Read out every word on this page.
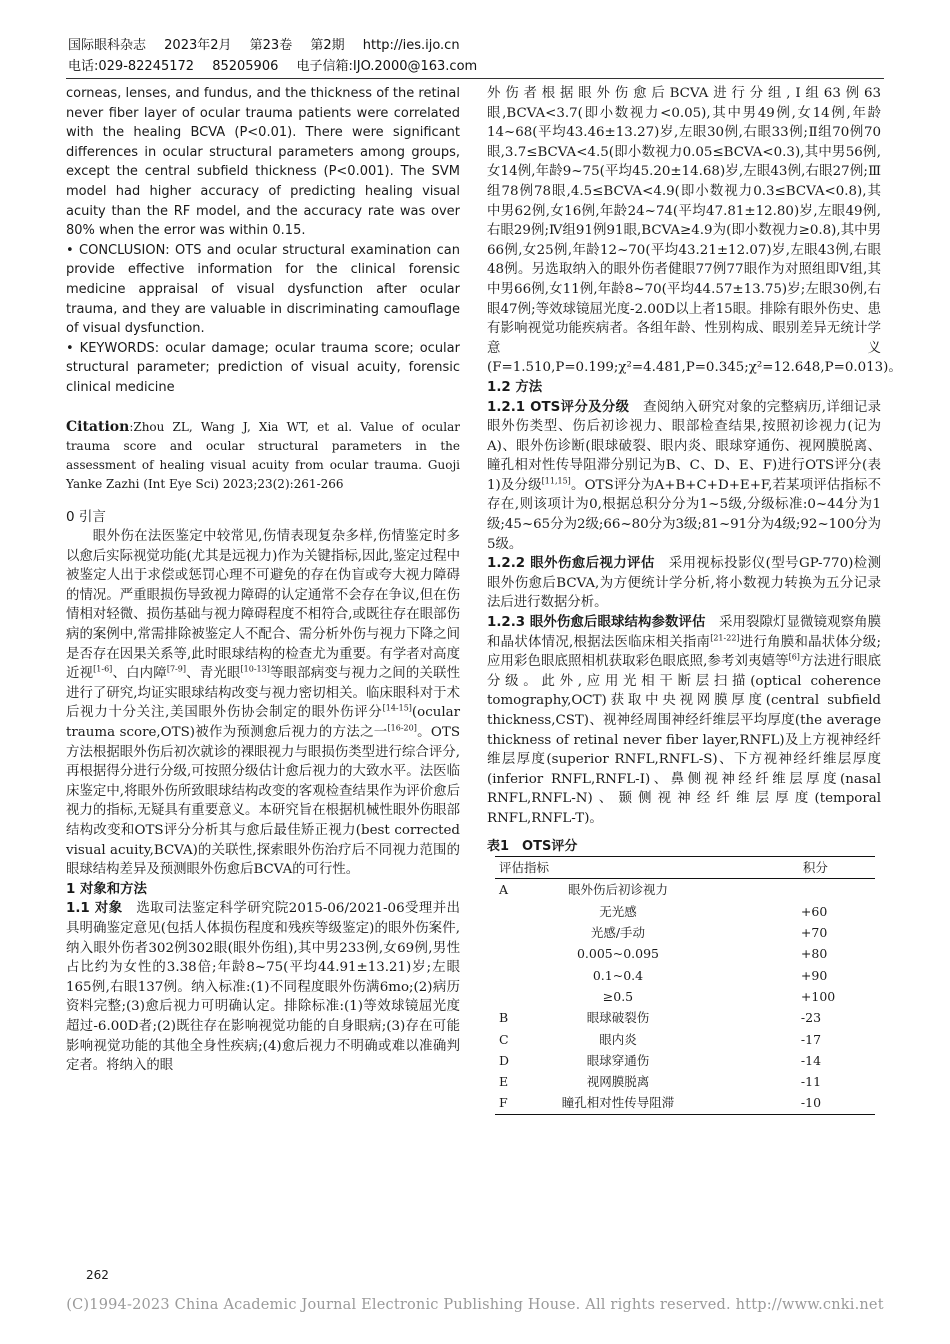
国际眼科杂志 2023年2月 第23卷 第2期 http://ies.ijo.cn
电话:029-82245172 85205906 电子信箱:IJO.2000@163.com

corneas, lenses, and fundus, and the thickness of the retinal never fiber layer of ocular trauma patients were correlated with the healing BCVA (P<0.01). There were significant differences in ocular structural parameters among groups, except the central subfield thickness (P<0.001). The SVM model had higher accuracy of predicting healing visual acuity than the RF model, and the accuracy rate was over 80% when the error was within 0.15.

• CONCLUSION: OTS and ocular structural examination can provide effective information for the clinical forensic medicine appraisal of visual dysfunction after ocular trauma, and they are valuable in discriminating camouflage of visual dysfunction.

• KEYWORDS: ocular damage; ocular trauma score; ocular structural parameter; prediction of visual acuity, forensic clinical medicine

Citation:Zhou ZL, Wang J, Xia WT, et al. Value of ocular trauma score and ocular structural parameters in the assessment of healing visual acuity from ocular trauma. Guoji Yanke Zazhi (Int Eye Sci) 2023;23(2):261-266

0 引言

眼外伤在法医鉴定中较常见,伤情表现复杂多样,伤情鉴定时多以愈后实际视觉功能(尤其是远视力)作为关键指标,因此,鉴定过程中被鉴定人出于求偿或惩罚心理不可避免的存在伪盲或夸大视力障碍的情况。严重眼损伤导致视力障碍的认定通常不会存在争议,但在伤情相对轻微、损伤基础与视力障碍程度不相符合,或既往存在眼部伤病的案例中,常需排除被鉴定人不配合、需分析外伤与视力下降之间是否存在因果关系等,此时眼球结构的检查尤为重要。有学者对高度近视[1-6]、白内障[7-9]、青光眼[10-13]等眼部病变与视力之间的关联性进行了研究,均证实眼球结构改变与视力密切相关。临床眼科对于术后视力十分关注,美国眼外伤协会制定的眼外伤评分[14-15](ocular trauma score,OTS)被作为预测愈后视力的方法之一[16-20]。OTS方法根据眼外伤后初次就诊的裸眼视力与眼损伤类型进行综合评分,再根据得分进行分级,可按照分级估计愈后视力的大致水平。法医临床鉴定中,将眼外伤所致眼球结构改变的客观检查结果作为评价愈后视力的指标,无疑具有重要意义。本研究旨在根据机械性眼外伤眼部结构改变和OTS评分分析其与愈后最佳矫正视力(best corrected visual acuity,BCVA)的关联性,探索眼外伤治疗后不同视力范围的眼球结构差异及预测眼外伤愈后BCVA的可行性。

1 对象和方法

1.1 对象　 选取司法鉴定科学研究院2015-06/2021-06受理并出具明确鉴定意见(包括人体损伤程度和残疾等级鉴定)的眼外伤案件,纳入眼外伤者302例302眼(眼外伤组),其中男233例,女69例,男性占比约为女性的3.38倍;年龄8~75(平均44.91±13.21)岁;左眼165例,右眼137例。纳入标准:(1)不同程度眼外伤满6mo;(2)病历资料完整;(3)愈后视力可明确认定。排除标准:(1)等效球镜屈光度超过-6.00D者;(2)既往存在影响视觉功能的自身眼病;(3)存在可能影响视觉功能的其他全身性疾病;(4)愈后视力不明确或难以准确判定者。将纳入的眼

外伤者根据眼外伤愈后BCVA进行分组,Ⅰ组63例63眼,BCVA<3.7(即小数视力<0.05),其中男49例,女14例,年龄14~68(平均43.46±13.27)岁,左眼30例,右眼33例;Ⅱ组70例70眼,3.7≤BCVA<4.5(即小数视力0.05≤BCVA<0.3),其中男56例,女14例,年龄9~75(平均45.20±14.68)岁,左眼43例,右眼27例;Ⅲ组78例78眼,4.5≤BCVA<4.9(即小数视力0.3≤BCVA<0.8),其中男62例,女16例,年龄24~74(平均47.81±12.80)岁,左眼49例,右眼29例;Ⅳ组91例91眼,BCVA≥4.9为(即小数视力≥0.8),其中男66例,女25例,年龄12~70(平均43.21±12.07)岁,左眼43例,右眼48例。另选取纳入的眼外伤者健眼77例77眼作为对照组即Ⅴ组,其中男66例,女11例,年龄8~70(平均44.57±13.75)岁;左眼30例,右眼47例;等效球镜屈光度-2.00D以上者15眼。排除有眼外伤史、患有影响视觉功能疾病者。各组年龄、性别构成、眼别差异无统计学意义(F=1.510,P=0.199;χ²=4.481,P=0.345;χ²=12.648,P=0.013)。

1.2 方法

1.2.1 OTS评分及分级　 查阅纳入研究对象的完整病历,详细记录眼外伤类型、伤后初诊视力、眼部检查结果,按照初诊视力(记为A)、眼外伤诊断(眼球破裂、眼内炎、眼球穿通伤、视网膜脱离、瞳孔相对性传导阻滞分别记为B、C、D、E、F)进行OTS评分(表1)及分级[11,15]。OTS评分为A+B+C+D+E+F,若某项评估指标不存在,则该项计为0,根据总积分分为1~5级,分级标准:0~44分为1级;45~65分为2级;66~80分为3级;81~91分为4级;92~100分为5级。

1.2.2 眼外伤愈后视力评估　 采用视标投影仪(型号GP-770)检测眼外伤愈后BCVA,为方便统计学分析,将小数视力转换为五分记录法后进行数据分析。

1.2.3 眼外伤愈后眼球结构参数评估　 采用裂隙灯显微镜观察角膜和晶状体情况,根据法医临床相关指南[21-22]进行角膜和晶状体分级;应用彩色眼底照相机获取彩色眼底照,参考刘夷嬉等[6]方法进行眼底分级。此外,应用光相干断层扫描(optical coherence tomography,OCT)获取中央视网膜厚度(central subfield thickness,CST)、视神经周围神经纤维层平均厚度(the average thickness of retinal never fiber layer,RNFL)及上方视神经纤维层厚度(superior RNFL,RNFL-S)、下方视神经纤维层厚度(inferior RNFL,RNFL-I)、鼻侧视神经纤维层厚度(nasal RNFL,RNFL-N)、颞侧视神经纤维层厚度(temporal RNFL,RNFL-T)。

表1　OTS评分

评估指标		积分
A	眼外伤后初诊视力	
	无光感	+60
	光感/手动	+70
	0.005~0.095	+80
	0.1~0.4	+90
	≥0.5	+100
B	眼球破裂伤	-23
C	眼内炎	-17
D	眼球穿通伤	-14
E	视网膜脱离	-11
F	瞳孔相对性传导阻滞	-10
262
(C)1994-2023 China Academic Journal Electronic Publishing House. All rights reserved. http://www.cnki.net
